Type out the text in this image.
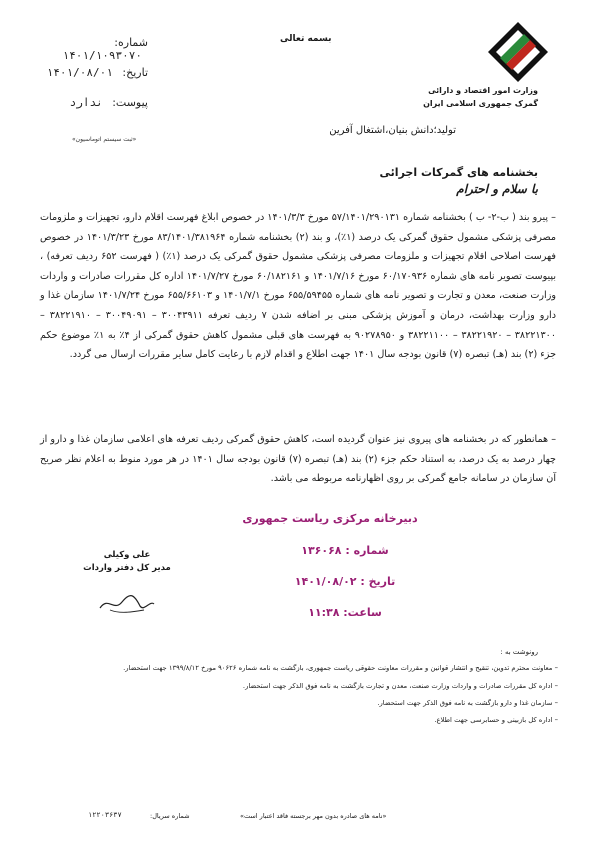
بسمه تعالی
وزارت امور اقتصاد و دارائی
گمرک جمهوری اسلامی ایران
شماره: ۱۴۰۱/۱۰۹۳۰۷۰
تاریخ: ۱۴۰۱/۰۸/۰۱
پیوست: ندارد
«ثبت سیستم اتوماسیون»
تولید؛دانش بنیان،اشتغال آفرین
بخشنامه های گمرکات اجرائی
با سلام و احترام
– پیرو بند ( ب-۲- ب ) بخشنامه شماره ۵۷/۱۴۰۱/۲۹۰۱۳۱ مورخ ۱۴۰۱/۳/۳ در خصوص ابلاغ فهرست اقلام دارو، تجهیزات و ملزومات مصرفی پزشکی مشمول حقوق گمرکی یک درصد (۱٪)، و بند (۲) بخشنامه شماره ۸۳/۱۴۰۱/۳۸۱۹۶۴ مورخ ۱۴۰۱/۳/۲۳ در خصوص فهرست اصلاحی اقلام تجهیزات و ملزومات مصرفی پزشکی مشمول حقوق گمرکی یک درصد (۱٪) ( فهرست ۶۵۲ ردیف تعرفه) ، بپیوست تصویر نامه های شماره ۶۰/۱۷۰۹۳۶ مورخ ۱۴۰۱/۷/۱۶ و ۶۰/۱۸۲۱۶۱ مورخ ۱۴۰۱/۷/۲۷ اداره کل مقررات صادرات و واردات وزارت صنعت، معدن و تجارت و تصویر نامه های شماره ۶۵۵/۵۹۴۵۵ مورخ ۱۴۰۱/۷/۱ و ۶۵۵/۶۶۱۰۳ مورخ ۱۴۰۱/۷/۲۴ سازمان غذا و دارو وزارت بهداشت، درمان و آموزش پزشکی مبنی بر اضافه شدن ۷ ردیف تعرفه ۳۰۰۴۳۹۱۱ – ۳۰۰۴۹۰۹۱ – ۳۸۲۲۱۹۱۰ – ۳۸۲۲۱۳۰۰ – ۳۸۲۲۱۹۲۰ – ۳۸۲۲۱۱۰۰ و ۹۰۲۷۸۹۵۰ به فهرست های قبلی مشمول کاهش حقوق گمرکی از ۴٪ به ۱٪ موضوع حکم جزء (۲) بند (هـ) تبصره (۷) قانون بودجه سال ۱۴۰۱ جهت اطلاع و اقدام لازم با رعایت کامل سایر مقررات ارسال می گردد.
– همانطور که در بخشنامه های پیروی نیز عنوان گردیده است، کاهش حقوق گمرکی ردیف تعرفه های اعلامی سازمان غذا و دارو از چهار درصد به یک درصد، به استناد حکم جزء (۲) بند (هـ) تبصره (۷) قانون بودجه سال ۱۴۰۱ در هر مورد منوط به اعلام نظر صریح آن سازمان در سامانه جامع گمرکی بر روی اظهارنامه مربوطه می باشد.
دبیرخانه مرکزی ریاست جمهوری
شماره : ۱۳۶۰۶۸
تاریخ : ۱۴۰۱/۰۸/۰۲
ساعت: ۱۱:۳۸
علی وکیلی
مدیر کل دفتر واردات
رونوشت به :
– معاونت محترم تدوین، تنقیح و انتشار قوانین و مقررات معاونت حقوقی ریاست جمهوری، بازگشت به نامه شماره ۹۰۶۲۶ مورخ ۱۳۹۹/۸/۱۲ جهت استحضار.
– اداره کل مقررات صادرات و واردات وزارت صنعت، معدن و تجارت بازگشت به نامه فوق الذکر جهت استحضار.
– سازمان غذا و دارو بازگشت به نامه فوق الذکر جهت استحضار.
– اداره کل بازبینی و حسابرسی جهت اطلاع.
«نامه های صادره بدون مهر برجسته فاقد اعتبار است»
شماره سریال:
۱۲۲۰۳۶۳۷
